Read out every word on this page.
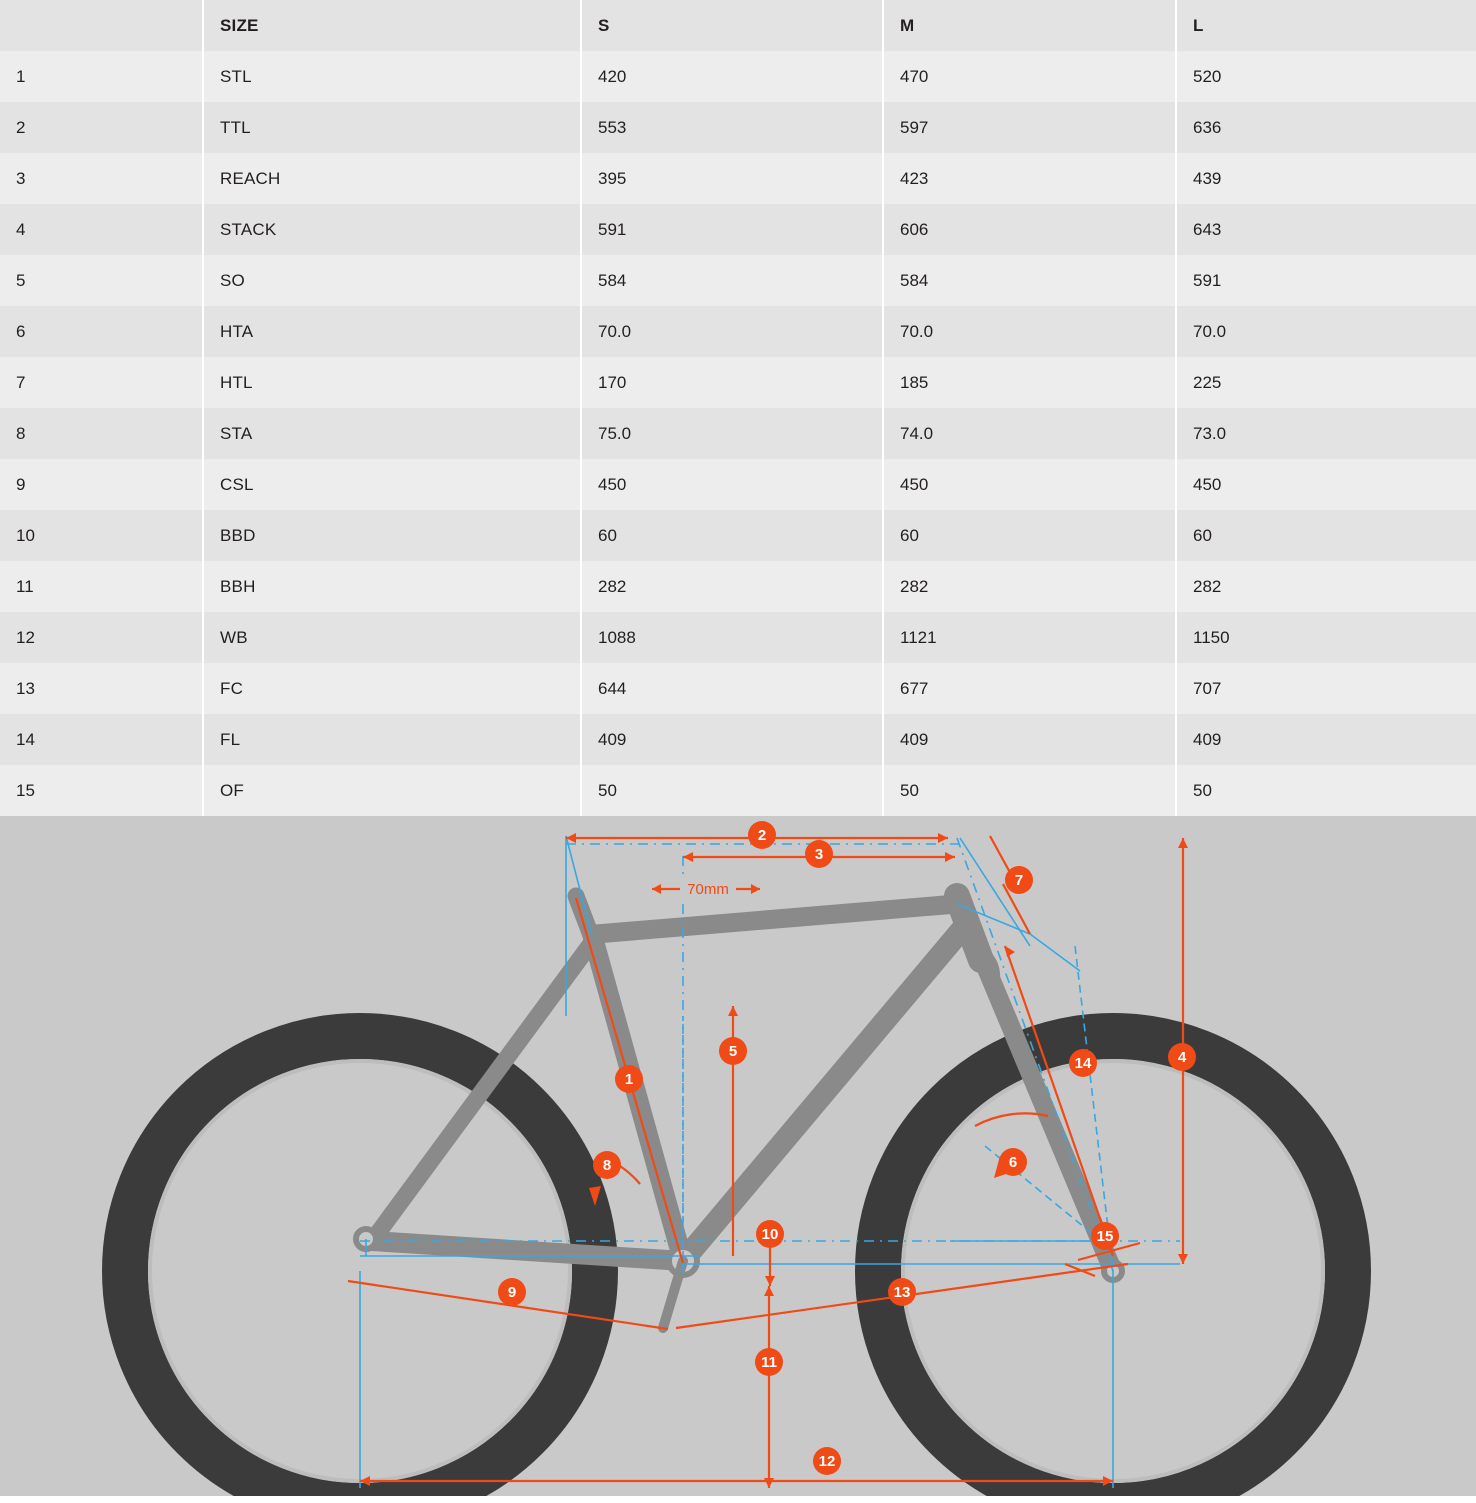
	SIZE	S	M	L
1	STL	420	470	520
2	TTL	553	597	636
3	REACH	395	423	439
4	STACK	591	606	643
5	SO	584	584	591
6	HTA	70.0	70.0	70.0
7	HTL	170	185	225
8	STA	75.0	74.0	73.0
9	CSL	450	450	450
10	BBD	60	60	60
11	BBH	282	282	282
12	WB	1088	1121	1150
13	FC	644	677	707
14	FL	409	409	409
15	OF	50	50	50
70mm
1
2
3
4
5
6
7
8
9
10
11
12
13
14
15
